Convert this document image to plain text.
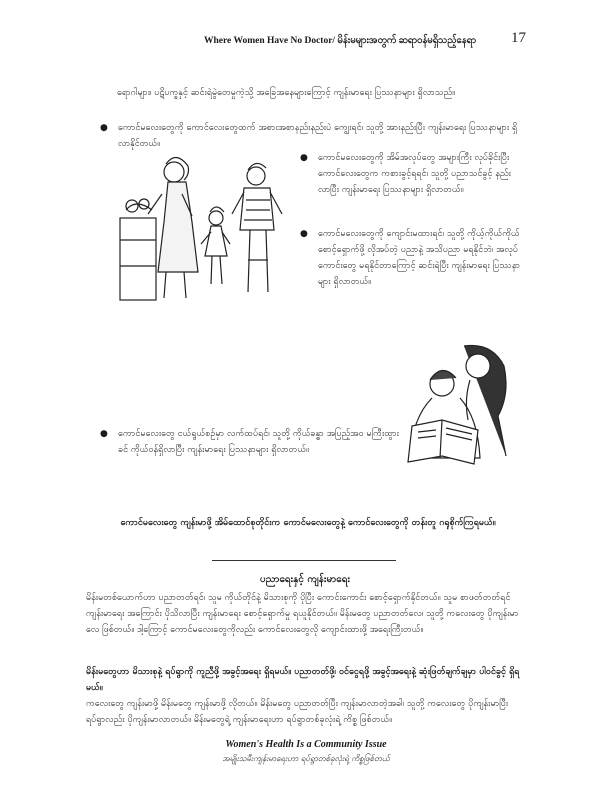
Where Women Have No Doctor/ မိန်းမများအတွက် ဆရာဝန်မရှိသည့်နေရာ 17
ရောဂါများ၊ ပဋိပက္ခနှင့် ဆင်းရဲမွဲတေမှုကဲ့သို့ အခြေအနေများကြောင့် ကျန်းမာရေး ပြဿနာများ ရှိလာသည်။
● ကောင်မလေးတွေကို ကောင်လေးတွေထက် အစားအစာနည်းနည်းပဲ ကျွေးရင်၊ သူတို့ အားနည်းပြီး ကျန်းမာရေး ပြဿနာများ ရှိလာနိုင်တယ်။
● ကောင်မလေးတွေကို အိမ်အလုပ်တွေ အများကြီး လုပ်ခိုင်းပြီး ကောင်လေးတွေက ကစားခွင့်ရရင်၊ သူတို့ ပညာသင်ခွင့် နည်းလာပြီး ကျန်းမာရေး ပြဿနာများ ရှိလာတယ်။
● ကောင်မလေးတွေကို ကျောင်းမထားရင်၊ သူတို့ ကိုယ့်ကိုယ်ကိုယ် စောင့်ရှောက်ဖို့ လိုအပ်တဲ့ ပညာနဲ့ အသိပညာ မရနိုင်ဘဲ၊ အလုပ်ကောင်းတွေ မရနိုင်တာကြောင့် ဆင်းရဲပြီး ကျန်းမာရေး ပြဿနာများ ရှိလာတယ်။
● ကောင်မလေးတွေ ငယ်ရွယ်စဉ်မှာ လက်ထပ်ရင်၊ သူတို့ ကိုယ်ခန္ဓာ အပြည့်အဝ မကြီးထွားခင် ကိုယ်ဝန်ရှိလာပြီး ကျန်းမာရေး ပြဿနာများ ရှိလာတယ်။
ကောင်မလေးတွေ ကျန်းမာဖို့ အိမ်ထောင်စုတိုင်းက ကောင်မလေးတွေနဲ့ ကောင်လေးတွေကို တန်းတူ ဂရုစိုက်ကြရမယ်။
ပညာရေးနှင့် ကျန်းမာရေး
မိန်းမတစ်ယောက်ဟာ ပညာတတ်ရင်၊ သူမ ကိုယ်တိုင်နဲ့ မိသားစုကို ပိုပြီး ကောင်းကောင်း စောင့်ရှောက်နိုင်တယ်။ သူမ စာဖတ်တတ်ရင် ကျန်းမာရေး အကြောင်း ပိုသိလာပြီး ကျန်းမာရေး စောင့်ရှောက်မှု ရယူနိုင်တယ်။ မိန်းမတွေ ပညာတတ်လေ၊ သူတို့ ကလေးတွေ ပိုကျန်းမာလေ ဖြစ်တယ်။ ဒါ့ကြောင့် ကောင်မလေးတွေကိုလည်း ကောင်လေးတွေလို ကျောင်းထားဖို့ အရေးကြီးတယ်။
မိန်းမတွေဟာ မိသားစုနဲ့ ရပ်ရွာကို ကူညီဖို့ အခွင့်အရေး ရှိရမယ်။ ပညာတတ်ဖို့၊ ဝင်ငွေရဖို့ အခွင့်အရေးနဲ့ ဆုံးဖြတ်ချက်ချမှာ ပါဝင်ခွင့် ရှိရမယ်။
ကလေးတွေ ကျန်းမာဖို့ မိန်းမတွေ ကျန်းမာဖို့ လိုတယ်။ မိန်းမတွေ ပညာတတ်ပြီး ကျန်းမာလာတဲ့အခါ၊ သူတို့ ကလေးတွေ ပိုကျန်းမာပြီး ရပ်ရွာလည်း ပိုကျန်းမာလာတယ်။ မိန်းမတွေရဲ့ ကျန်းမာရေးဟာ ရပ်ရွာတစ်ခုလုံးရဲ့ ကိစ္စ ဖြစ်တယ်။
Women's Health Is a Community Issue
အမျိုးသမီးကျန်းမာရေးဟာ ရပ်ရွာတစ်ခုလုံးရဲ့ ကိစ္စဖြစ်တယ်
